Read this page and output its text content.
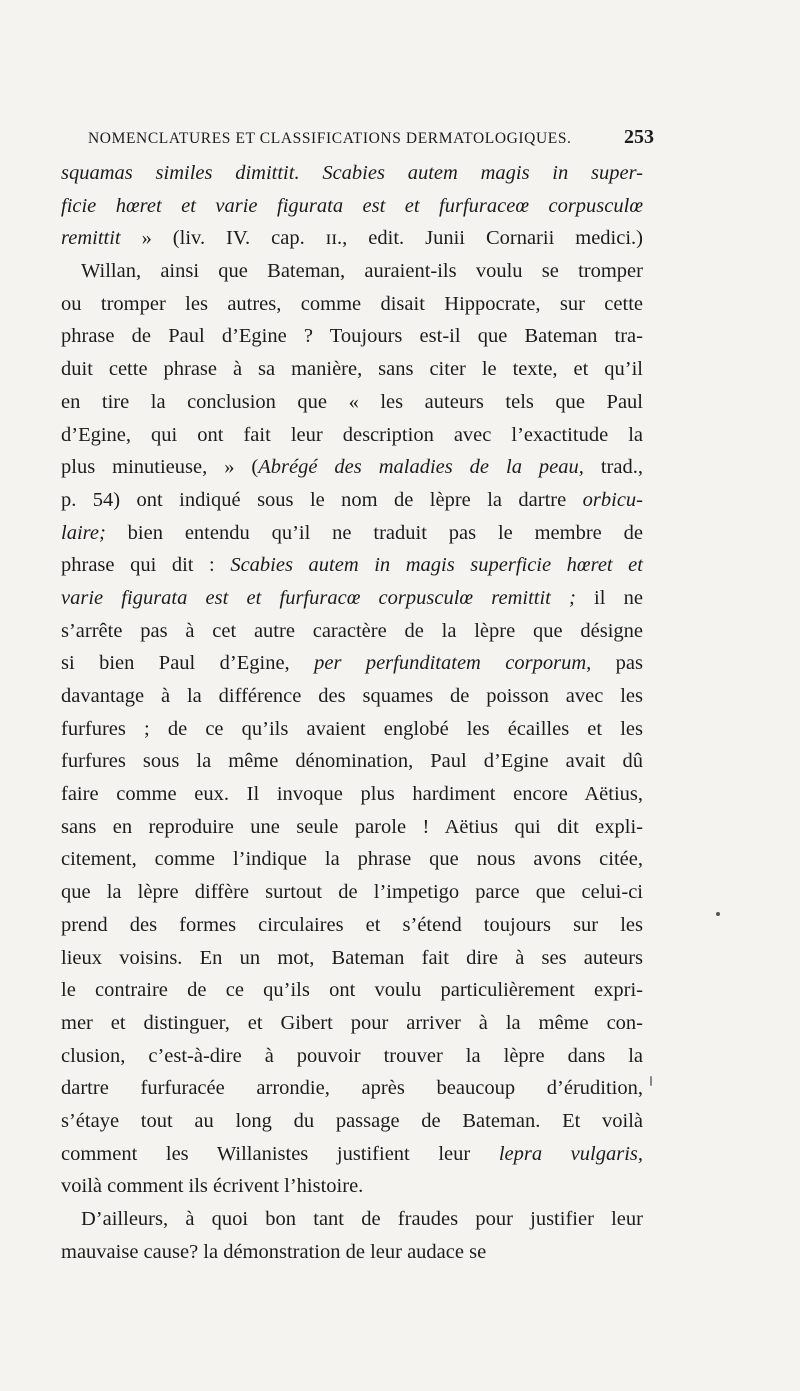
NOMENCLATURES ET CLASSIFICATIONS DERMATOLOGIQUES.	253
squamas similes dimittit. Scabies autem magis in super-
ficie hœret et varie figurata est et furfuraceœ corpusculœ
remittit » (liv. IV. cap. ɪɪ., edit. Junii Cornarii medici.)
Willan, ainsi que Bateman, auraient-ils voulu se tromper
ou tromper les autres, comme disait Hippocrate, sur cette
phrase de Paul d’Egine ? Toujours est-il que Bateman tra-
duit cette phrase à sa manière, sans citer le texte, et qu’il
en tire la conclusion que « les auteurs tels que Paul
d’Egine, qui ont fait leur description avec l’exactitude la
plus minutieuse, » (Abrégé des maladies de la peau, trad.,
p. 54) ont indiqué sous le nom de lèpre la dartre orbicu-
laire; bien entendu qu’il ne traduit pas le membre de
phrase qui dit : Scabies autem in magis superficie hœret et
varie figurata est et furfuracœ corpusculœ remittit ; il ne
s’arrête pas à cet autre caractère de la lèpre que désigne
si bien Paul d’Egine, per perfunditatem corporum, pas
davantage à la différence des squames de poisson avec les
furfures ; de ce qu’ils avaient englobé les écailles et les
furfures sous la même dénomination, Paul d’Egine avait dû
faire comme eux. Il invoque plus hardiment encore Aëtius,
sans en reproduire une seule parole ! Aëtius qui dit expli-
citement, comme l’indique la phrase que nous avons citée,
que la lèpre diffère surtout de l’impetigo parce que celui-ci
prend des formes circulaires et s’étend toujours sur les
lieux voisins. En un mot, Bateman fait dire à ses auteurs
le contraire de ce qu’ils ont voulu particulièrement expri-
mer et distinguer, et Gibert pour arriver à la même con-
clusion, c’est-à-dire à pouvoir trouver la lèpre dans la
dartre furfuracée arrondie, après beaucoup d’érudition,
s’étaye tout au long du passage de Bateman. Et voilà
comment les Willanistes justifient leur lepra vulgaris,
voilà comment ils écrivent l’histoire.
D’ailleurs, à quoi bon tant de fraudes pour justifier leur
mauvaise cause? la démonstration de leur audace se
